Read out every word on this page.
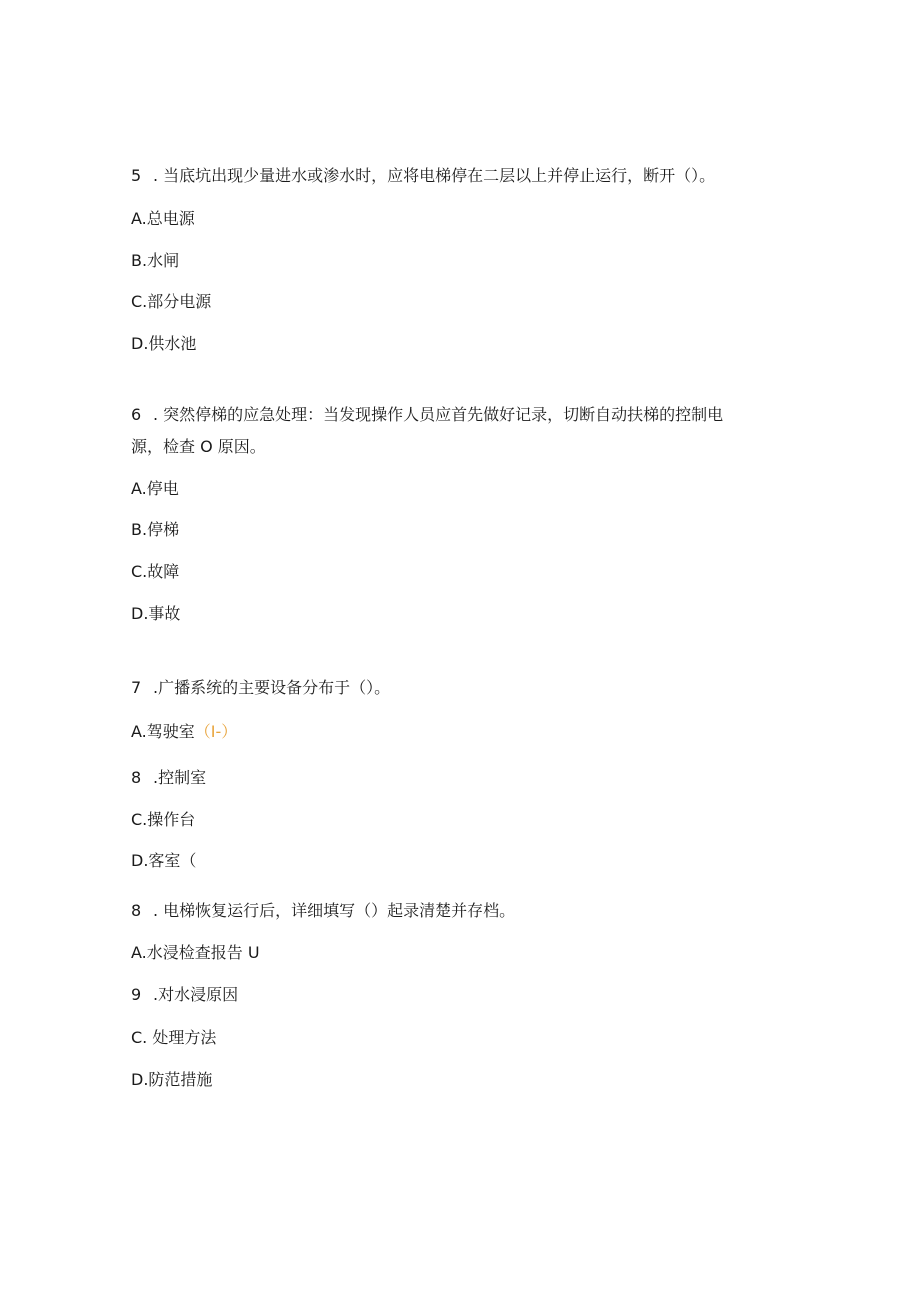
5 . 当底坑出现少量进水或渗水时，应将电梯停在二层以上并停止运行，断开（）。
A.总电源
B.水闸
C.部分电源
D.供水池
6 . 突然停梯的应急处理：当发现操作人员应首先做好记录，切断自动扶梯的控制电
源，检查 O 原因。
A.停电
B.停梯
C.故障
D.事故
7 .广播系统的主要设备分布于（）。
A.驾驶室（I-）
8 .控制室
C.操作台
D.客室（
8 . 电梯恢复运行后，详细填写（）起录清楚并存档。
A.水浸检查报告 U
9 .对水浸原因
C. 处理方法
D.防范措施
